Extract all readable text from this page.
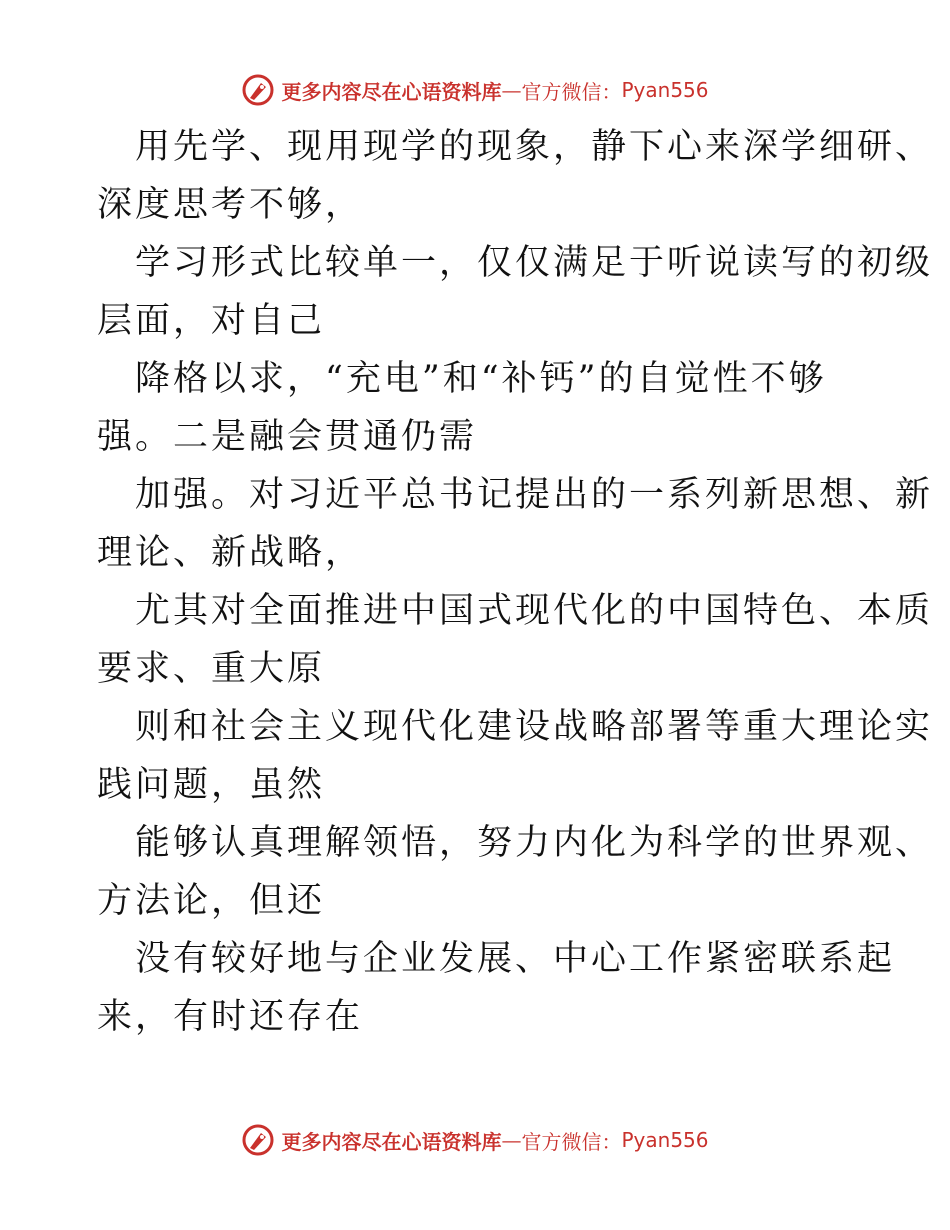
更多内容尽在心语资料库 — 官方微信： Pyan556
用先学、现用现学的现象，静下心来深学细研、
深度思考不够，
学习形式比较单一，仅仅满足于听说读写的初级
层面，对自己
降格以求，“充电”和“补钙”的自觉性不够
强。二是融会贯通仍需
加强。对习近平总书记提出的一系列新思想、新
理论、新战略，
尤其对全面推进中国式现代化的中国特色、本质
要求、重大原
则和社会主义现代化建设战略部署等重大理论实
践问题，虽然
能够认真理解领悟，努力内化为科学的世界观、
方法论，但还
没有较好地与企业发展、中心工作紧密联系起
来，有时还存在
更多内容尽在心语资料库 — 官方微信： Pyan556
